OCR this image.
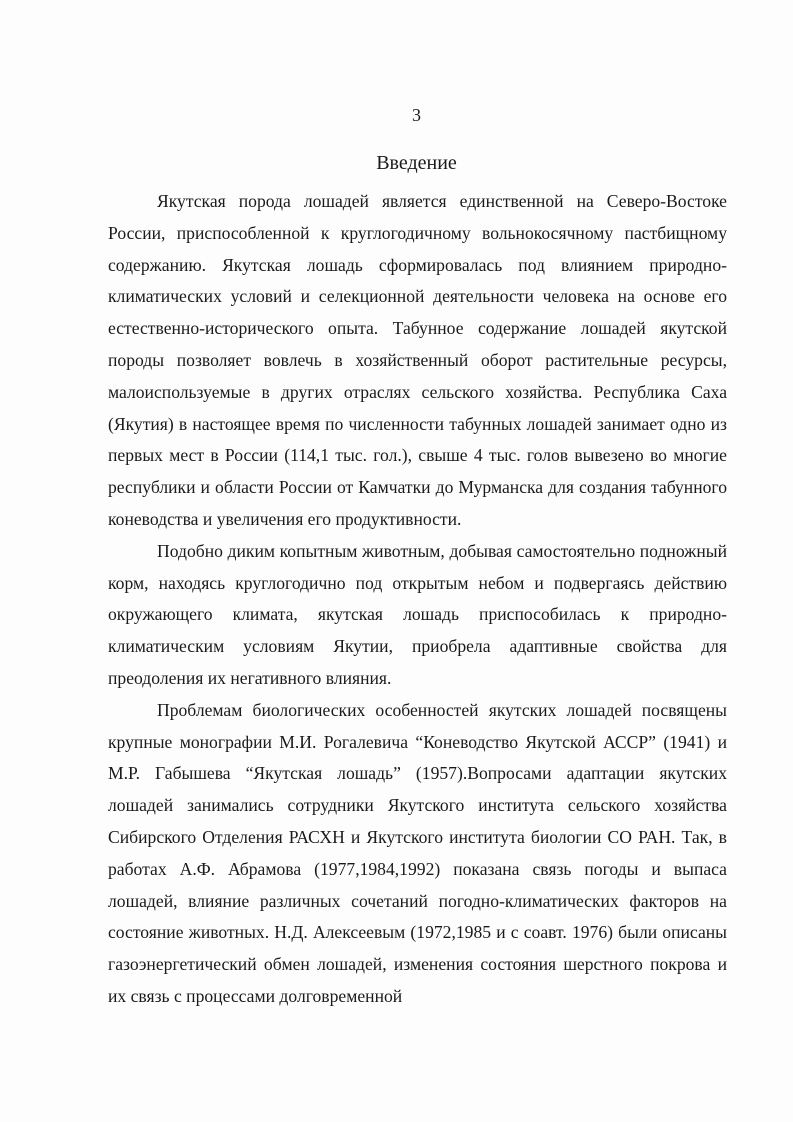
3
Введение

Якутская порода лошадей является единственной на Северо-Востоке России, приспособленной к круглогодичному вольнокосячному пастбищному содержанию. Якутская лошадь сформировалась под влиянием природно-климатических условий и селекционной деятельности человека на основе его естественно-исторического опыта. Табунное содержание лошадей якутской породы позволяет вовлечь в хозяйственный оборот растительные ресурсы, малоиспользуемые в других отраслях сельского хозяйства. Республика Саха (Якутия) в настоящее время по численности табунных лошадей занимает одно из первых мест в России (114,1 тыс. гол.), свыше 4 тыс. голов вывезено во многие республики и области России от Камчатки до Мурманска для создания табунного коневодства и увеличения его продуктивности.

Подобно диким копытным животным, добывая самостоятельно подножный корм, находясь круглогодично под открытым небом и подвергаясь действию окружающего климата, якутская лошадь приспособилась к природно-климатическим условиям Якутии, приобрела адаптивные свойства для преодоления их негативного влияния.

Проблемам биологических особенностей якутских лошадей посвящены крупные монографии М.И. Рогалевича “Коневодство Якутской АССР” (1941) и М.Р. Габышева “Якутская лошадь” (1957).Вопросами адаптации якутских лошадей занимались сотрудники Якутского института сельского хозяйства Сибирского Отделения РАСХН и Якутского института биологии СО РАН. Так, в работах А.Ф. Абрамова (1977,1984,1992) показана связь погоды и выпаса лошадей, влияние различных сочетаний погодно-климатических факторов на состояние животных. Н.Д. Алексеевым (1972,1985 и с соавт. 1976) были описаны газоэнергетический обмен лошадей, изменения состояния шерстного покрова и их связь с процессами долговременной
